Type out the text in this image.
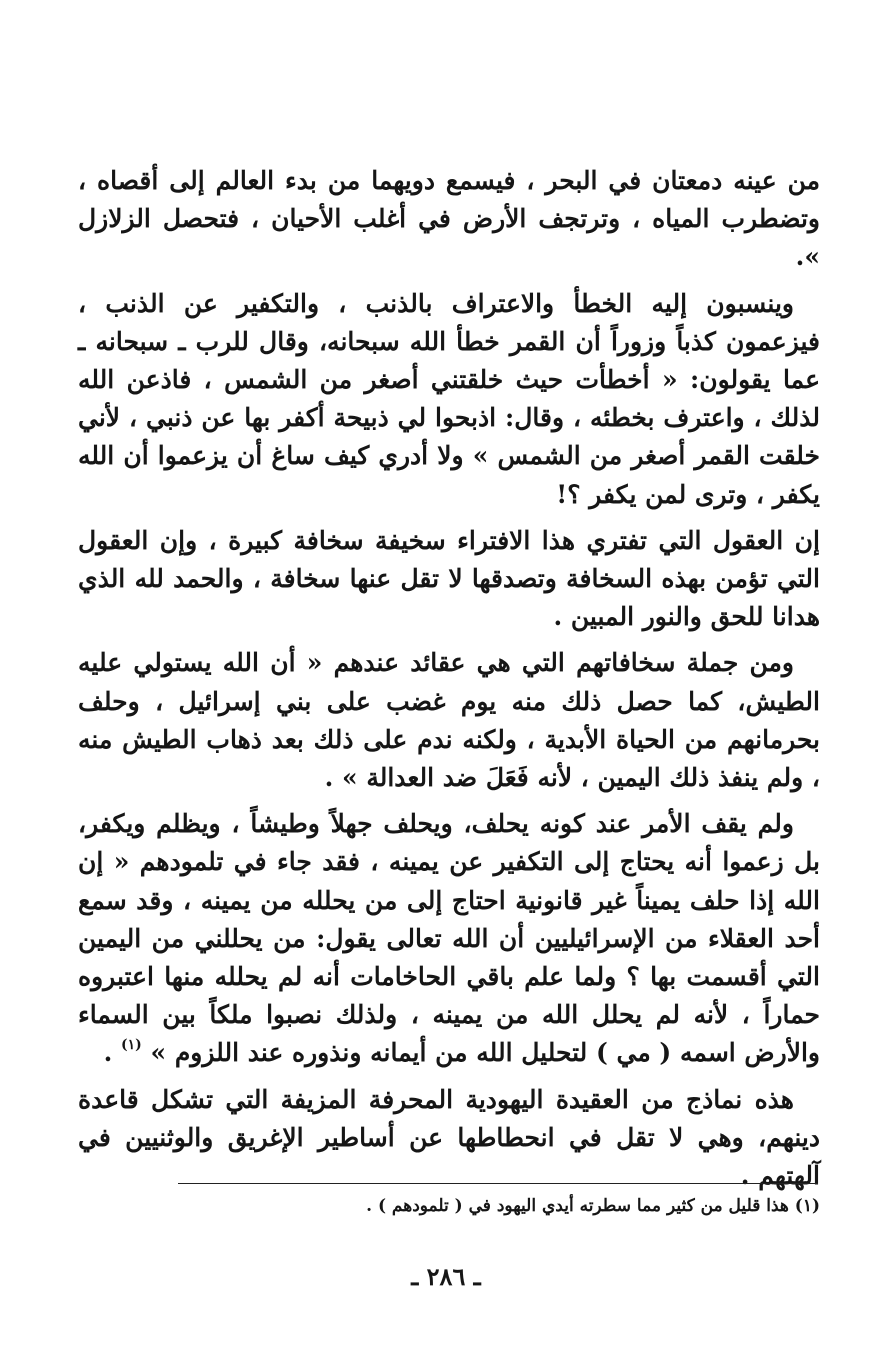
من عينه دمعتان في البحر ، فيسمع دويهما من بدء العالم إلى أقصاه ، وتضطرب المياه ، وترتجف الأرض في أغلب الأحيان ، فتحصل الزلازل ».

وينسبون إليه الخطأ والاعتراف بالذنب ، والتكفير عن الذنب ، فيزعمون كذباً وزوراً أن القمر خطأ الله سبحانه، وقال للرب ـ سبحانه ـ عما يقولون: « أخطأت حيث خلقتني أصغر من الشمس ، فاذعن الله لذلك ، واعترف بخطئه ، وقال: اذبحوا لي ذبيحة أكفر بها عن ذنبي ، لأني خلقت القمر أصغر من الشمس » ولا أدري كيف ساغ أن يزعموا أن الله يكفر ، وترى لمن يكفر ؟!

إن العقول التي تفتري هذا الافتراء سخيفة سخافة كبيرة ، وإن العقول التي تؤمن بهذه السخافة وتصدقها لا تقل عنها سخافة ، والحمد لله الذي هدانا للحق والنور المبين .

ومن جملة سخافاتهم التي هي عقائد عندهم « أن الله يستولي عليه الطيش، كما حصل ذلك منه يوم غضب على بني إسرائيل ، وحلف بحرمانهم من الحياة الأبدية ، ولكنه ندم على ذلك بعد ذهاب الطيش منه ، ولم ينفذ ذلك اليمين ، لأنه فَعَلَ ضد العدالة » .

ولم يقف الأمر عند كونه يحلف، ويحلف جهلاً وطيشاً ، ويظلم ويكفر، بل زعموا أنه يحتاج إلى التكفير عن يمينه ، فقد جاء في تلمودهم « إن الله إذا حلف يميناً غير قانونية احتاج إلى من يحلله من يمينه ، وقد سمع أحد العقلاء من الإسرائيليين أن الله تعالى يقول: من يحللني من اليمين التي أقسمت بها ؟ ولما علم باقي الحاخامات أنه لم يحلله منها اعتبروه حماراً ، لأنه لم يحلل الله من يمينه ، ولذلك نصبوا ملكاً بين السماء والأرض اسمه ( مي ) لتحليل الله من أيمانه ونذوره عند اللزوم » $^{(١)}$ .

هذه نماذج من العقيدة اليهودية المحرفة المزيفة التي تشكل قاعدة دينهم، وهي لا تقل في انحطاطها عن أساطير الإغريق والوثنيين في آلهتهم .

(١) هذا قليل من كثير مما سطرته أيدي اليهود في ( تلمودهم ) .
ـ ٢٨٦ ـ
